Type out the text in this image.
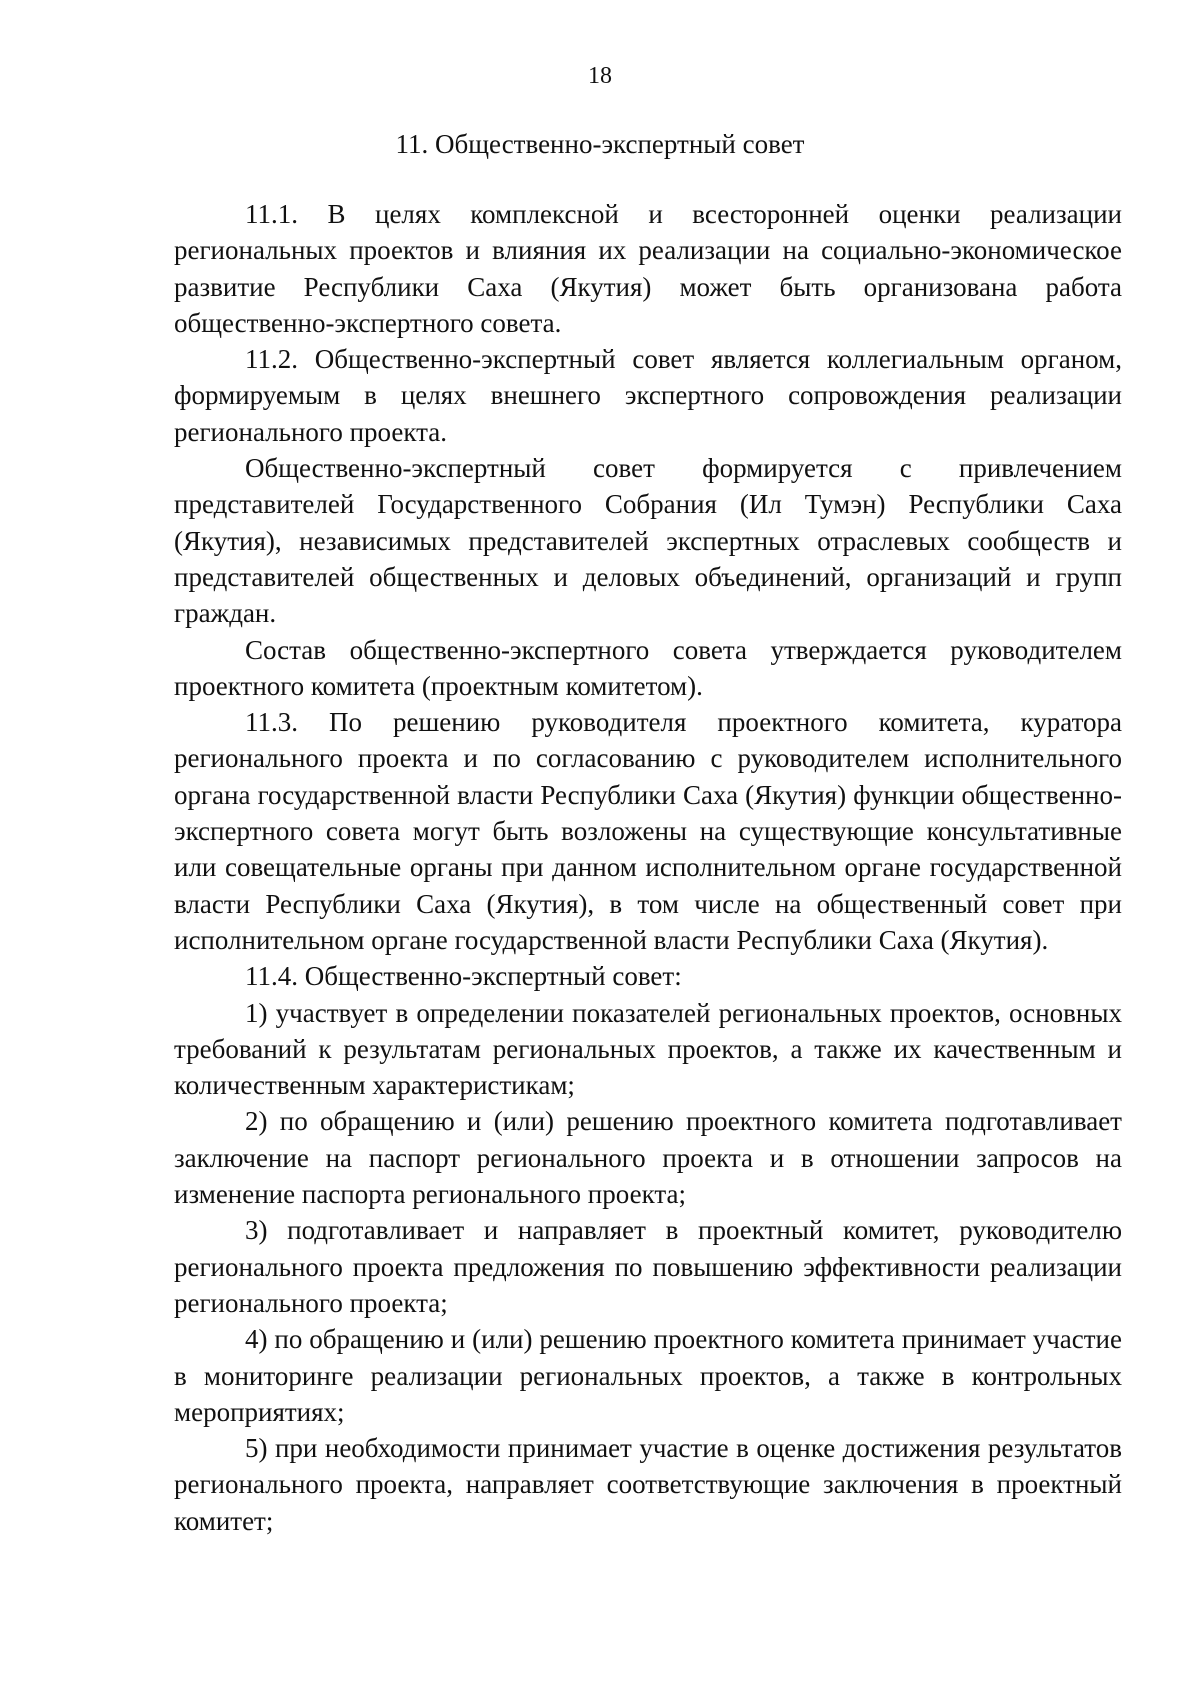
18
11. Общественно-экспертный совет

11.1. В целях комплексной и всесторонней оценки реализации региональных проектов и влияния их реализации на социально-экономическое развитие Республики Саха (Якутия) может быть организована работа общественно-экспертного совета.

11.2. Общественно-экспертный совет является коллегиальным органом, формируемым в целях внешнего экспертного сопровождения реализации регионального проекта.

Общественно-экспертный совет формируется с привлечением представителей Государственного Собрания (Ил Тумэн) Республики Саха (Якутия), независимых представителей экспертных отраслевых сообществ и представителей общественных и деловых объединений, организаций и групп граждан.

Состав общественно-экспертного совета утверждается руководителем проектного комитета (проектным комитетом).

11.3. По решению руководителя проектного комитета, куратора регионального проекта и по согласованию с руководителем исполнительного органа государственной власти Республики Саха (Якутия) функции общественно-экспертного совета могут быть возложены на существующие консультативные или совещательные органы при данном исполнительном органе государственной власти Республики Саха (Якутия), в том числе на общественный совет при исполнительном органе государственной власти Республики Саха (Якутия).

11.4. Общественно-экспертный совет:

1) участвует в определении показателей региональных проектов, основных требований к результатам региональных проектов, а также их качественным и количественным характеристикам;

2) по обращению и (или) решению проектного комитета подготавливает заключение на паспорт регионального проекта и в отношении запросов на изменение паспорта регионального проекта;

3) подготавливает и направляет в проектный комитет, руководителю регионального проекта предложения по повышению эффективности реализации регионального проекта;

4) по обращению и (или) решению проектного комитета принимает участие в мониторинге реализации региональных проектов, а также в контрольных мероприятиях;

5) при необходимости принимает участие в оценке достижения результатов регионального проекта, направляет соответствующие заключения в проектный комитет;
